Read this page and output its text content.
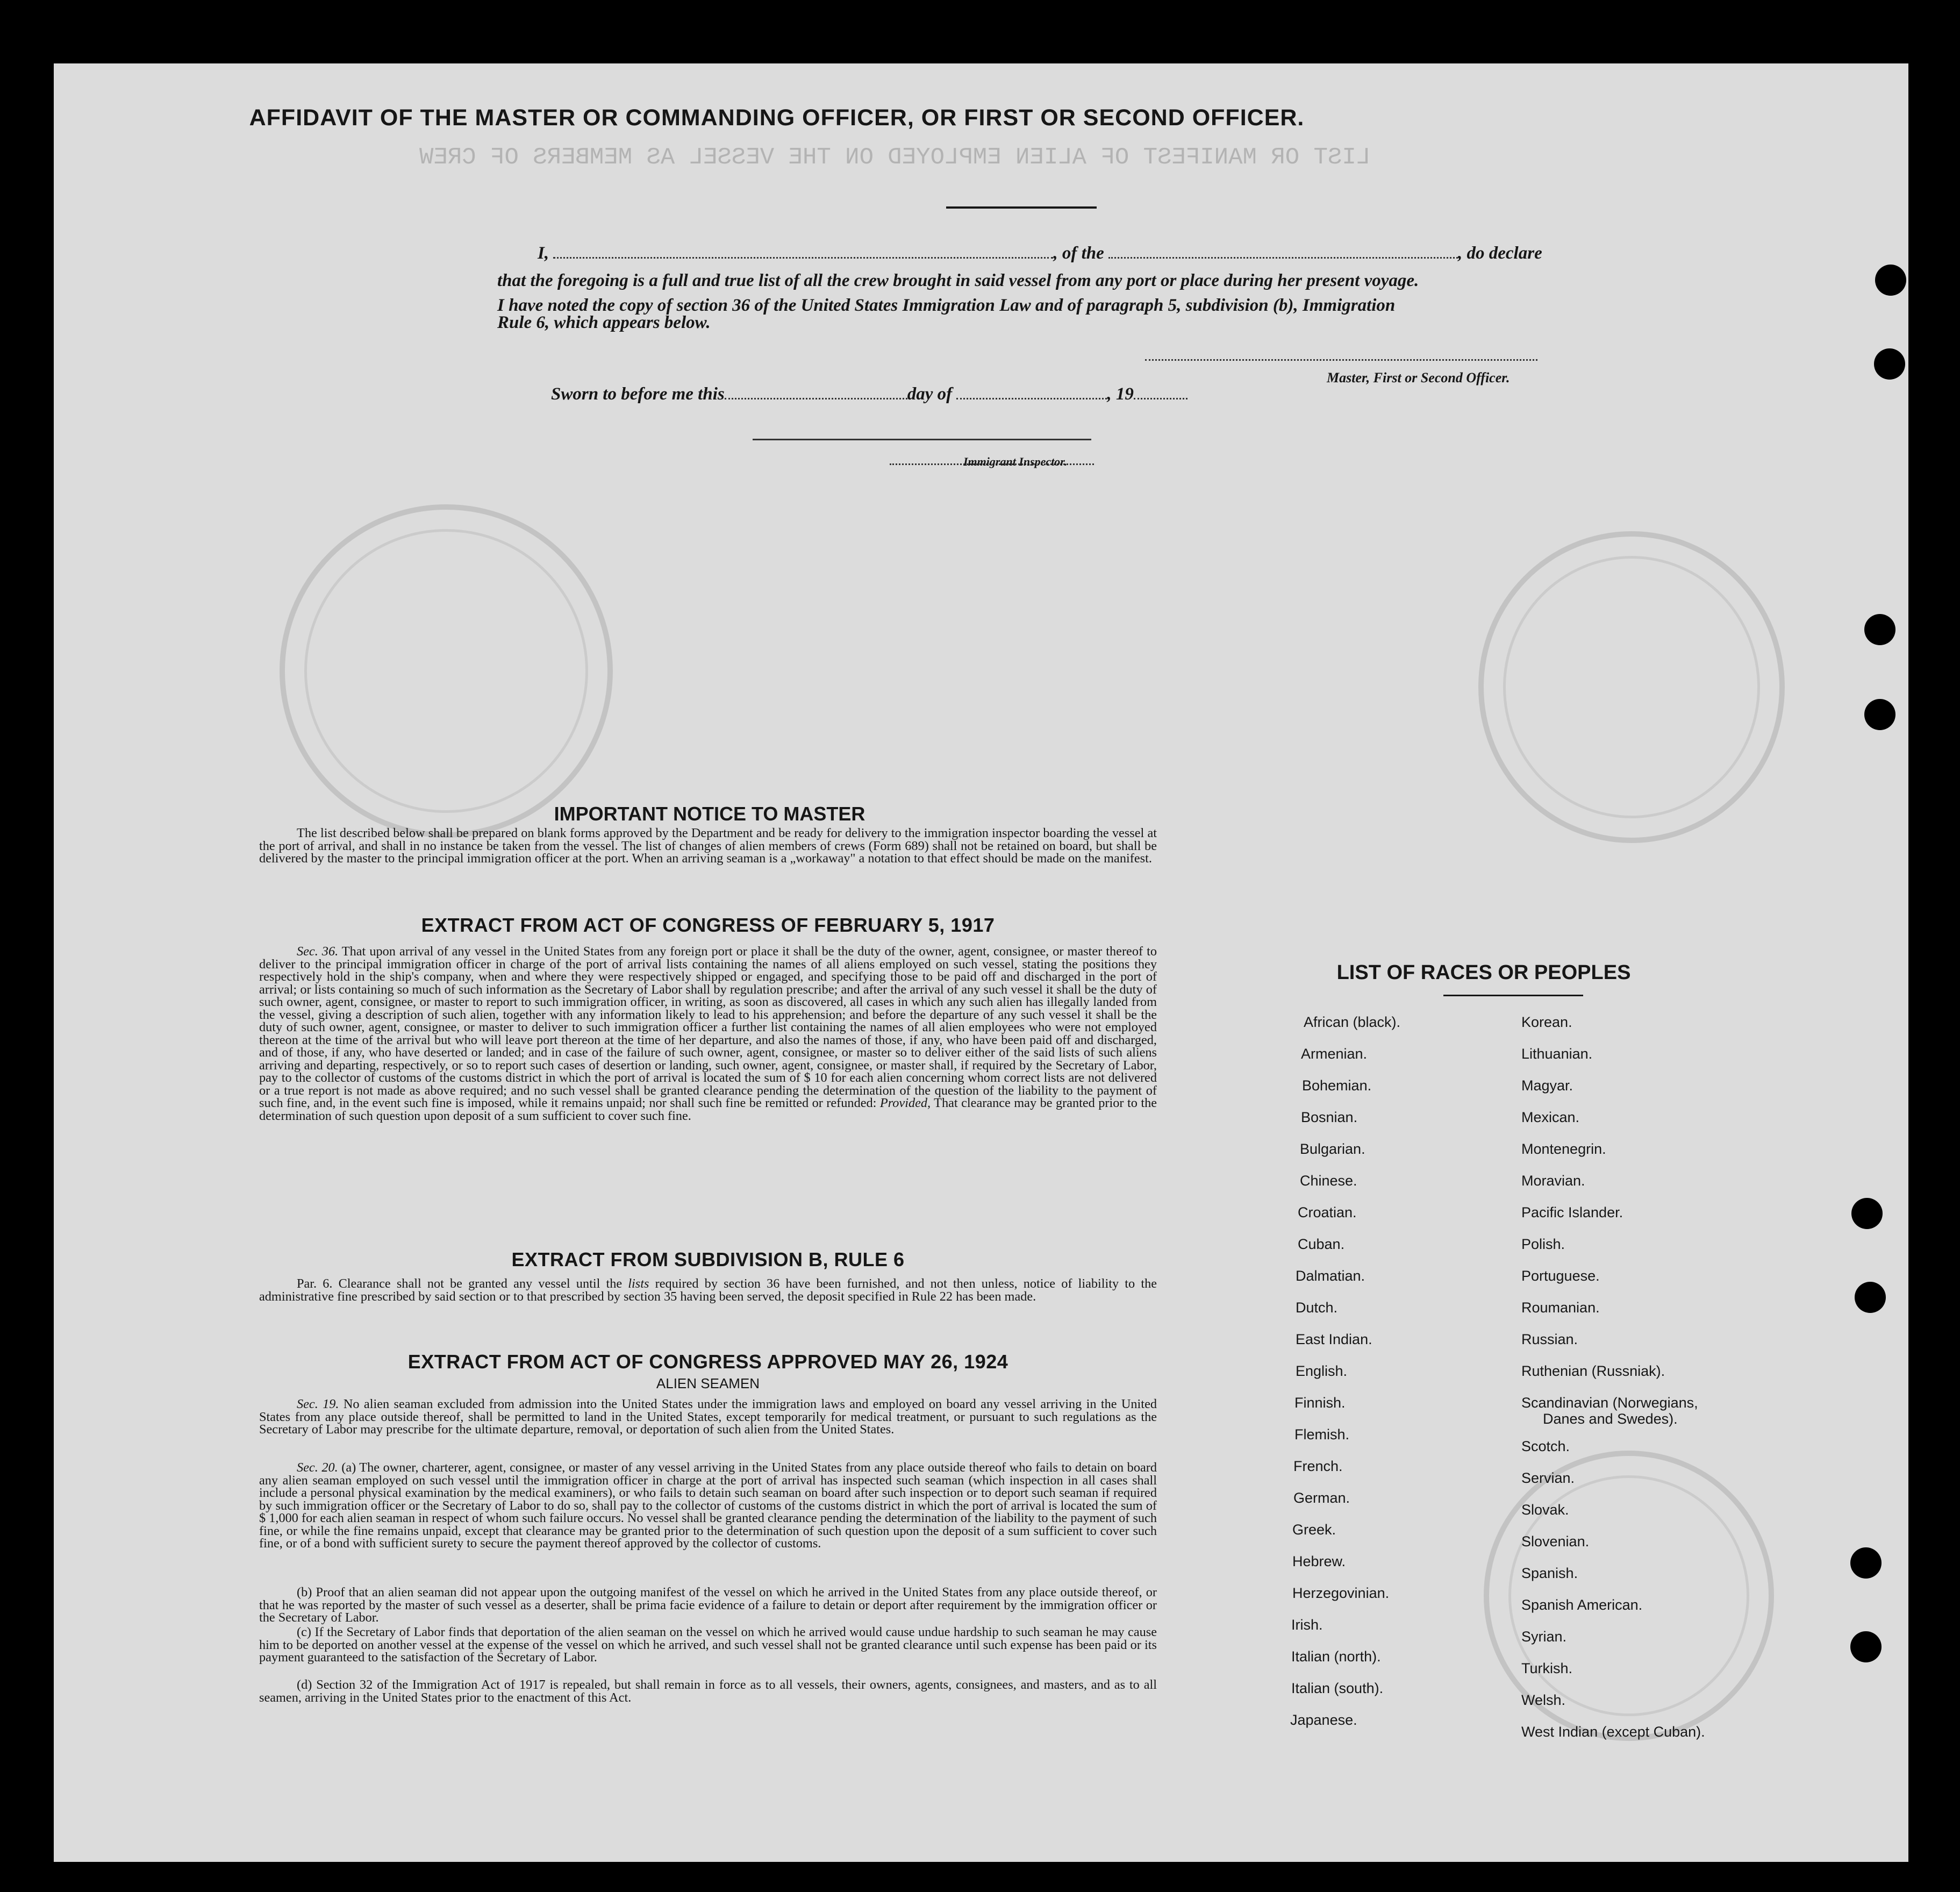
LIST OR MANIFEST OF ALIEN EMPLOYED ON THE VESSEL AS MEMBERS OF CREW
AFFIDAVIT OF THE MASTER OR COMMANDING OFFICER, OR FIRST OR SECOND OFFICER.
I,	, of the	, do declare
that the foregoing is a full and true list of all the crew brought in said vessel from any port or place during her present voyage.
I have noted the copy of section 36 of the United States Immigration Law and of paragraph 5, subdivision (b), Immigration
Rule 6, which appears below.
Master, First or Second Officer.
Sworn to before me this	day of	, 19
Immigrant Inspector.
IMPORTANT NOTICE TO MASTER
The list described below shall be prepared on blank forms approved by the Department and be ready for delivery to the immigration inspector boarding the vessel at the port of arrival, and shall in no instance be taken from the vessel. The list of changes of alien members of crews (Form 689) shall not be retained on board, but shall be delivered by the master to the principal immigration officer at the port. When an arriving seaman is a „workaway" a notation to that effect should be made on the manifest.
EXTRACT FROM ACT OF CONGRESS OF FEBRUARY 5, 1917
Sec. 36. That upon arrival of any vessel in the United States from any foreign port or place it shall be the duty of the owner, agent, consignee, or master thereof to deliver to the principal immigration officer in charge of the port of arrival lists containing the names of all aliens employed on such vessel, stating the positions they respectively hold in the ship's company, when and where they were respectively shipped or engaged, and specifying those to be paid off and discharged in the port of arrival; or lists containing so much of such information as the Secretary of Labor shall by regulation prescribe; and after the arrival of any such vessel it shall be the duty of such owner, agent, consignee, or master to report to such immigration officer, in writing, as soon as discovered, all cases in which any such alien has illegally landed from the vessel, giving a description of such alien, together with any information likely to lead to his apprehension; and before the departure of any such vessel it shall be the duty of such owner, agent, consignee, or master to deliver to such immigration officer a further list containing the names of all alien employees who were not employed thereon at the time of the arrival but who will leave port thereon at the time of her departure, and also the names of those, if any, who have been paid off and discharged, and of those, if any, who have deserted or landed; and in case of the failure of such owner, agent, consignee, or master so to deliver either of the said lists of such aliens arriving and departing, respectively, or so to report such cases of desertion or landing, such owner, agent, consignee, or master shall, if required by the Secretary of Labor, pay to the collector of customs of the customs district in which the port of arrival is located the sum of $ 10 for each alien concerning whom correct lists are not delivered or a true report is not made as above required; and no such vessel shall be granted clearance pending the determination of the question of the liability to the payment of such fine, and, in the event such fine is imposed, while it remains unpaid; nor shall such fine be remitted or refunded: Provided, That clearance may be granted prior to the determination of such question upon deposit of a sum sufficient to cover such fine.
EXTRACT FROM SUBDIVISION B, RULE 6
Par. 6. Clearance shall not be granted any vessel until the lists required by section 36 have been furnished, and not then unless, notice of liability to the administrative fine prescribed by said section or to that prescribed by section 35 having been served, the deposit specified in Rule 22 has been made.
EXTRACT FROM ACT OF CONGRESS APPROVED MAY 26, 1924
ALIEN SEAMEN
Sec. 19. No alien seaman excluded from admission into the United States under the immigration laws and employed on board any vessel arriving in the United States from any place outside thereof, shall be permitted to land in the United States, except temporarily for medical treatment, or pursuant to such regulations as the Secretary of Labor may prescribe for the ultimate departure, removal, or deportation of such alien from the United States.
Sec. 20. (a) The owner, charterer, agent, consignee, or master of any vessel arriving in the United States from any place outside thereof who fails to detain on board any alien seaman employed on such vessel until the immigration officer in charge at the port of arrival has inspected such seaman (which inspection in all cases shall include a personal physical examination by the medical examiners), or who fails to detain such seaman on board after such inspection or to deport such seaman if required by such immigration officer or the Secretary of Labor to do so, shall pay to the collector of customs of the customs district in which the port of arrival is located the sum of $ 1,000 for each alien seaman in respect of whom such failure occurs. No vessel shall be granted clearance pending the determination of the liability to the payment of such fine, or while the fine remains unpaid, except that clearance may be granted prior to the determination of such question upon the deposit of a sum sufficient to cover such fine, or of a bond with sufficient surety to secure the payment thereof approved by the collector of customs.
(b) Proof that an alien seaman did not appear upon the outgoing manifest of the vessel on which he arrived in the United States from any place outside thereof, or that he was reported by the master of such vessel as a deserter, shall be prima facie evidence of a failure to detain or deport after requirement by the immigration officer or the Secretary of Labor.
(c) If the Secretary of Labor finds that deportation of the alien seaman on the vessel on which he arrived would cause undue hardship to such seaman he may cause him to be deported on another vessel at the expense of the vessel on which he arrived, and such vessel shall not be granted clearance until such expense has been paid or its payment guaranteed to the satisfaction of the Secretary of Labor.
(d) Section 32 of the Immigration Act of 1917 is repealed, but shall remain in force as to all vessels, their owners, agents, consignees, and masters, and as to all seamen, arriving in the United States prior to the enactment of this Act.
LIST OF RACES OR PEOPLES
African (black).
Armenian.
Bohemian.
Bosnian.
Bulgarian.
Chinese.
Croatian.
Cuban.
Dalmatian.
Dutch.
East Indian.
English.
Finnish.
Flemish.
French.
German.
Greek.
Hebrew.
Herzegovinian.
Irish.
Italian (north).
Italian (south).
Japanese.
Korean.
Lithuanian.
Magyar.
Mexican.
Montenegrin.
Moravian.
Pacific Islander.
Polish.
Portuguese.
Roumanian.
Russian.
Ruthenian (Russniak).
Scandinavian (Norwegians,
Danes and Swedes).
Scotch.
Servian.
Slovak.
Slovenian.
Spanish.
Spanish American.
Syrian.
Turkish.
Welsh.
West Indian (except Cuban).
